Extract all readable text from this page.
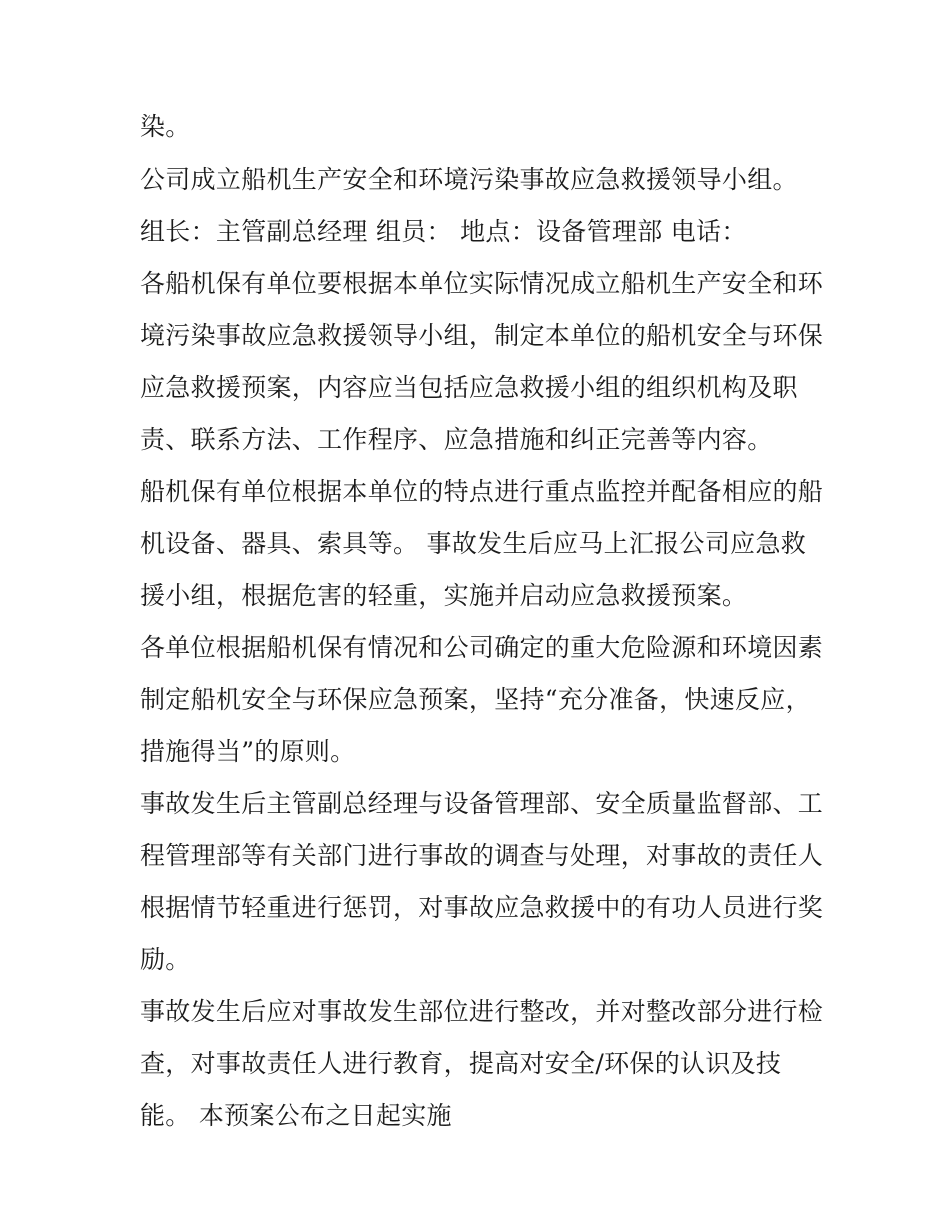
染。
公司成立船机生产安全和环境污染事故应急救援领导小组。
组长：主管副总经理 组员： 地点：设备管理部 电话：
各船机保有单位要根据本单位实际情况成立船机生产安全和环
境污染事故应急救援领导小组，制定本单位的船机安全与环保
应急救援预案，内容应当包括应急救援小组的组织机构及职
责、联系方法、工作程序、应急措施和纠正完善等内容。
船机保有单位根据本单位的特点进行重点监控并配备相应的船
机设备、器具、索具等。 事故发生后应马上汇报公司应急救
援小组，根据危害的轻重，实施并启动应急救援预案。
各单位根据船机保有情况和公司确定的重大危险源和环境因素
制定船机安全与环保应急预案，坚持“充分准备，快速反应，
措施得当”的原则。
事故发生后主管副总经理与设备管理部、安全质量监督部、工
程管理部等有关部门进行事故的调查与处理，对事故的责任人
根据情节轻重进行惩罚，对事故应急救援中的有功人员进行奖
励。
事故发生后应对事故发生部位进行整改，并对整改部分进行检
查，对事故责任人进行教育，提高对安全/环保的认识及技
能。 本预案公布之日起实施
